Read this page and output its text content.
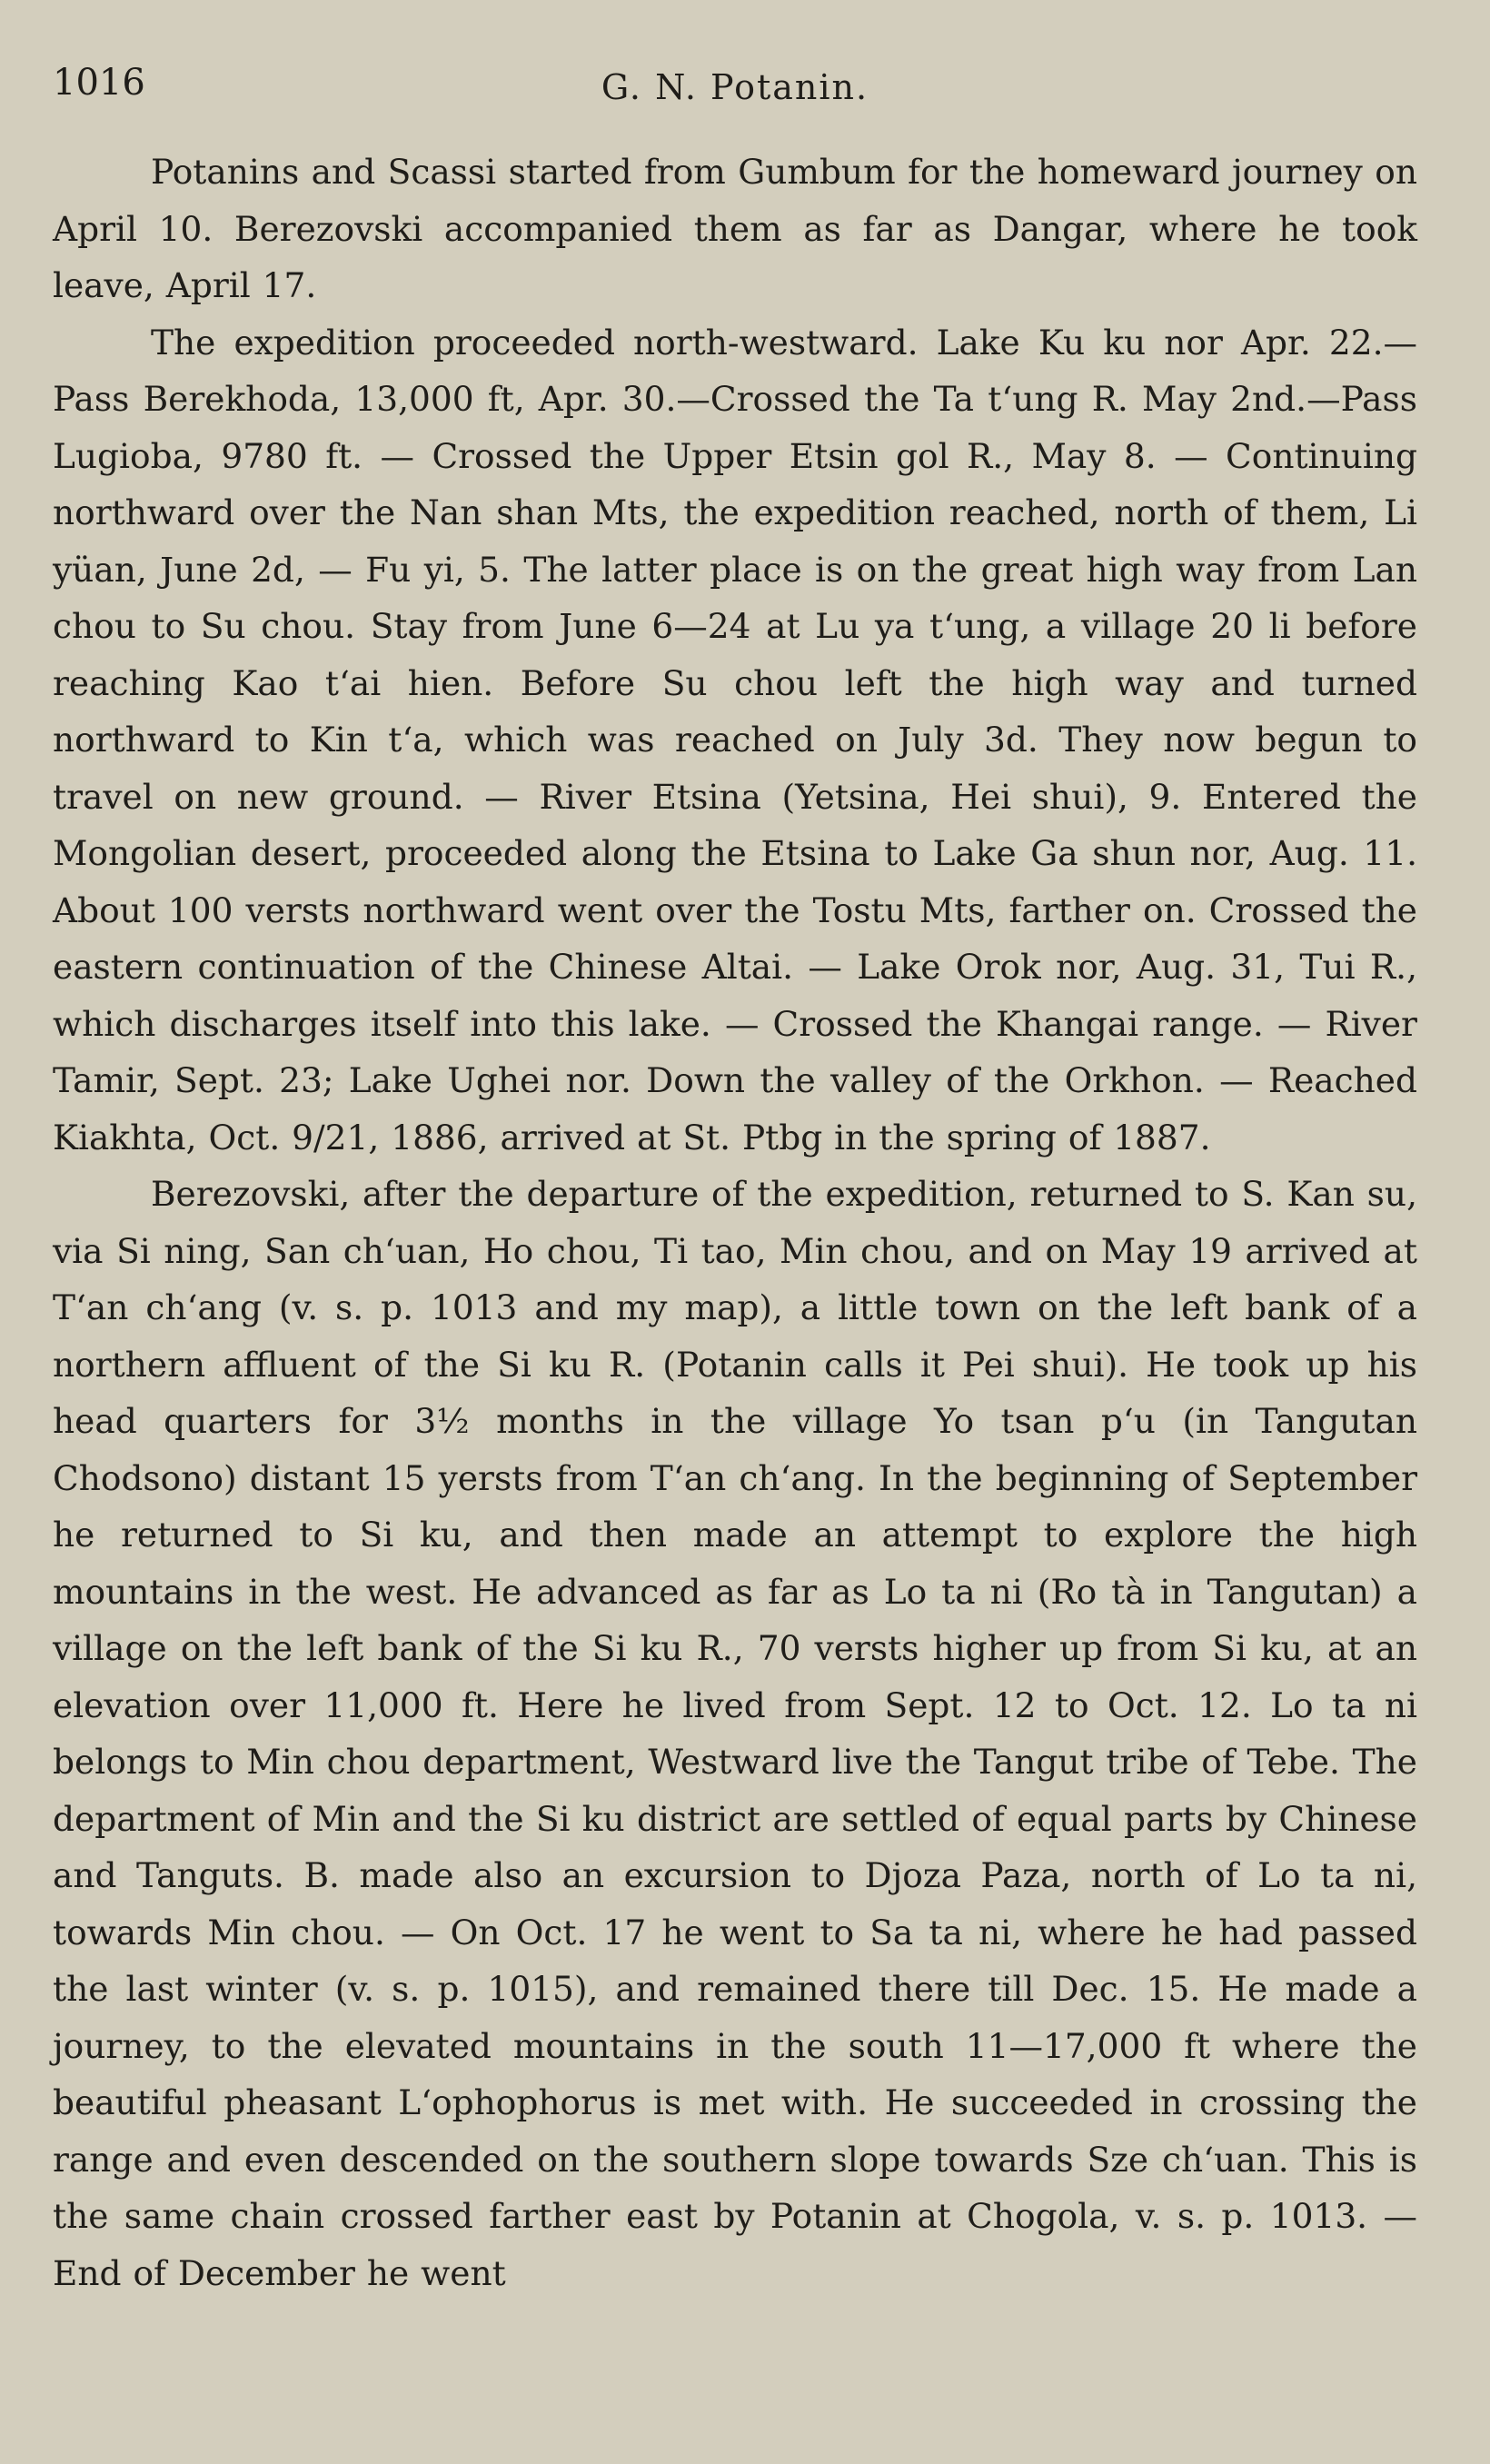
1016	G. N. Potanin.

Potanins and Scassi started from Gumbum for the homeward journey on April 10. Berezovski accompanied them as far as Dangar, where he took leave, April 17.

The expedition proceeded north-westward. Lake Ku ku nor Apr. 22.—Pass Berekhoda, 13,000 ft, Apr. 30.—Crossed the Ta t‘ung R. May 2nd.—Pass Lugioba, 9780 ft. — Crossed the Upper Etsin gol R., May 8. — Continuing northward over the Nan shan Mts, the expedition reached, north of them, Li yüan, June 2d, — Fu yi, 5. The latter place is on the great high way from Lan chou to Su chou. Stay from June 6—24 at Lu ya t‘ung, a village 20 li before reaching Kao t‘ai hien. Before Su chou left the high way and turned northward to Kin t‘a, which was reached on July 3d. They now begun to travel on new ground. — River Etsina (Yetsina, Hei shui), 9. Entered the Mongolian desert, proceeded along the Etsina to Lake Ga shun nor, Aug. 11. About 100 versts northward went over the Tostu Mts, farther on. Crossed the eastern continuation of the Chinese Altai. — Lake Orok nor, Aug. 31, Tui R., which discharges itself into this lake. — Crossed the Khangai range. — River Tamir, Sept. 23; Lake Ughei nor. Down the valley of the Orkhon. — Reached Kiakhta, Oct. 9/21, 1886, arrived at St. Ptbg in the spring of 1887.

Berezovski, after the departure of the expedition, returned to S. Kan su, via Si ning, San ch‘uan, Ho chou, Ti tao, Min chou, and on May 19 arrived at T‘an ch‘ang (v. s. p. 1013 and my map), a little town on the left bank of a northern affluent of the Si ku R. (Potanin calls it Pei shui). He took up his head quarters for 3½ months in the village Yo tsan p‘u (in Tangutan Chodsono) distant 15 yersts from T‘an ch‘ang. In the beginning of September he returned to Si ku, and then made an attempt to explore the high mountains in the west. He advanced as far as Lo ta ni (Ro tà in Tangutan) a village on the left bank of the Si ku R., 70 versts higher up from Si ku, at an elevation over 11,000 ft. Here he lived from Sept. 12 to Oct. 12. Lo ta ni belongs to Min chou department, Westward live the Tangut tribe of Tebe. The department of Min and the Si ku district are settled of equal parts by Chinese and Tanguts. B. made also an excursion to Djoza Paza, north of Lo ta ni, towards Min chou. — On Oct. 17 he went to Sa ta ni, where he had passed the last winter (v. s. p. 1015), and remained there till Dec. 15. He made a journey, to the elevated mountains in the south 11—17,000 ft where the beautiful pheasant L‘ophophorus is met with. He succeeded in crossing the range and even descended on the southern slope towards Sze ch‘uan. This is the same chain crossed farther east by Potanin at Chogola, v. s. p. 1013. — End of December he went
